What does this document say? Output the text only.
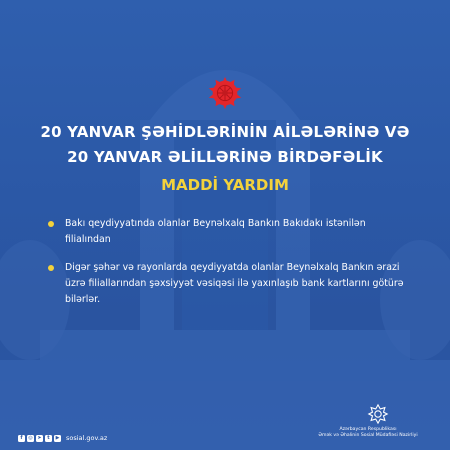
20 YANVAR ŞƏHİDLƏRİNİN AİLƏLƏRİNƏ VƏ
20 YANVAR ƏLİLLƏRİNƏ BİRDƏFƏLİK
MADDİ YARDIM
Bakı qeydiyyatında olanlar Beynəlxalq Bankın Bakıdakı istənilən filialından
Digər şəhər və rayonlarda qeydiyyatda olanlar Beynəlxalq Bankın ərazi üzrə filiallarından şəxsiyyət vəsiqəsi ilə yaxınlaşıb bank kartlarını götürə bilərlər.
f	◎ ➤	t	▶ sosial.gov.az
Azərbaycan Respublikası
Əmək və Əhalinin Sosial Müdafiəsi Nazirliyi
